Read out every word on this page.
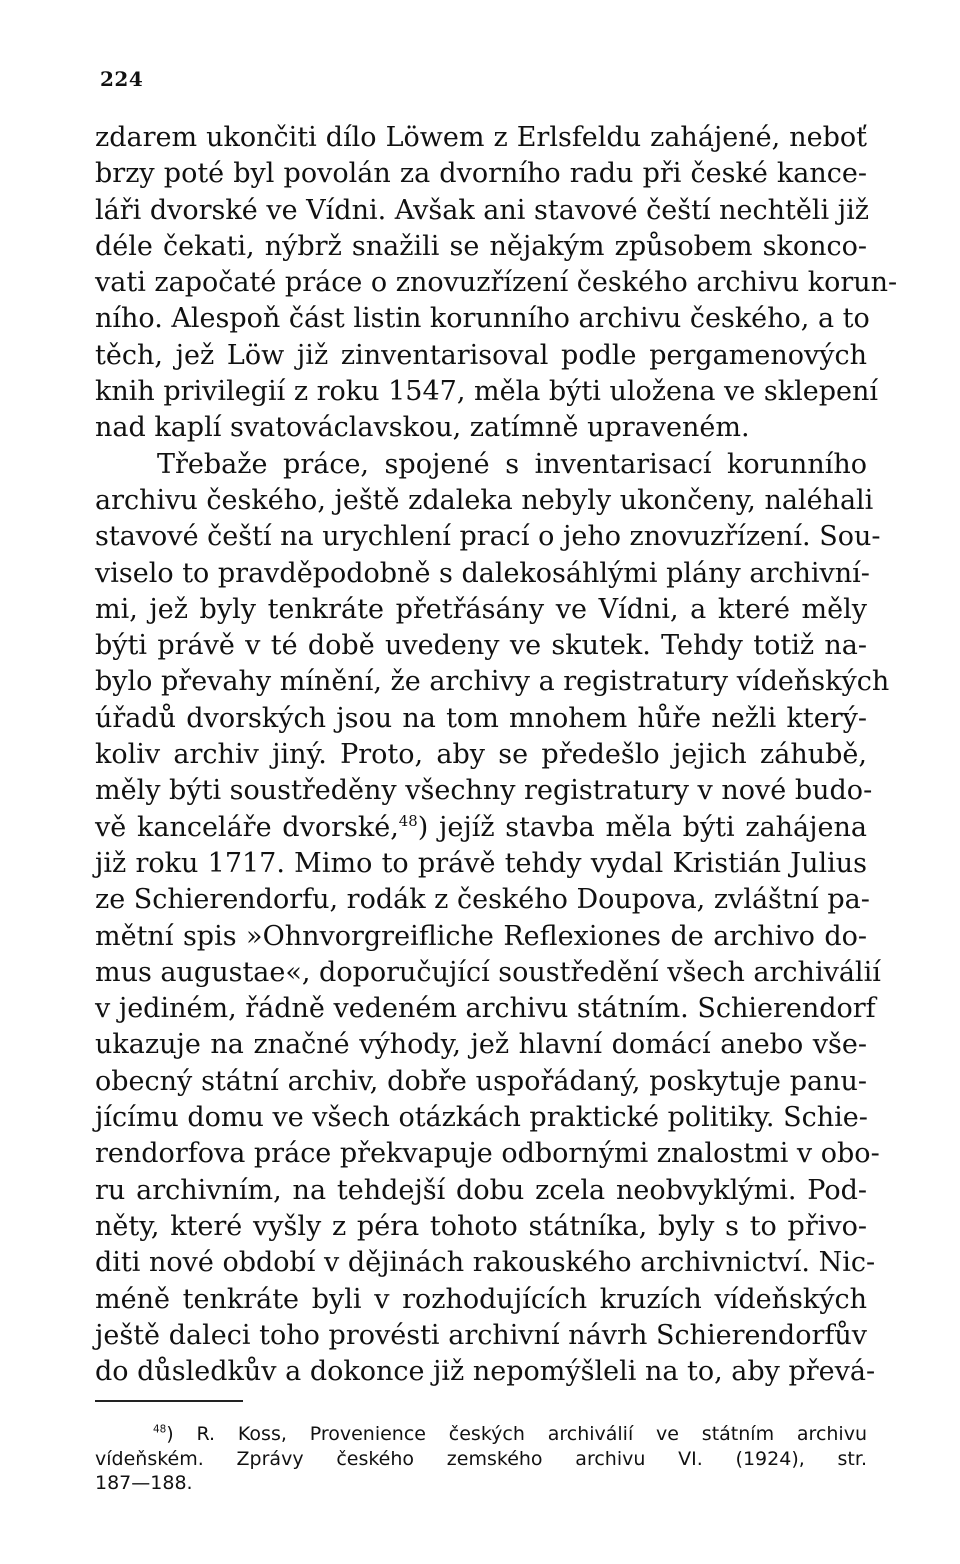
224
zdarem ukončiti dílo Löwem z Erlsfeldu zahájené, neboť
brzy poté byl povolán za dvorního radu při české kance-
láři dvorské ve Vídni. Avšak ani stavové čeští nechtěli již
déle čekati, nýbrž snažili se nějakým způsobem skonco-
vati započaté práce o znovuzřízení českého archivu korun-
ního. Alespoň část listin korunního archivu českého, a to
těch, jež Löw již zinventarisoval podle pergamenových
knih privilegií z roku 1547, měla býti uložena ve sklepení
nad kaplí svatováclavskou, zatímně upraveném.
Třebaže práce, spojené s inventarisací korunního
archivu českého, ještě zdaleka nebyly ukončeny, naléhali
stavové čeští na urychlení prací o jeho znovuzřízení. Sou-
viselo to pravděpodobně s dalekosáhlými plány archivní-
mi, jež byly tenkráte přetřásány ve Vídni, a které měly
býti právě v té době uvedeny ve skutek. Tehdy totiž na-
bylo převahy mínění, že archivy a registratury vídeňských
úřadů dvorských jsou na tom mnohem hůře nežli který-
koliv archiv jiný. Proto, aby se předešlo jejich záhubě,
měly býti soustředěny všechny registratury v nové budo-
vě kanceláře dvorské,$^{48}$) jejíž stavba měla býti zahájena
již roku 1717. Mimo to právě tehdy vydal Kristián Julius
ze Schierendorfu, rodák z českého Doupova, zvláštní pa-
mětní spis »Ohnvorgreifliche Reflexiones de archivo do-
mus augustae«, doporučující soustředění všech archiválií
v jediném, řádně vedeném archivu státním. Schierendorf
ukazuje na značné výhody, jež hlavní domácí anebo vše-
obecný státní archiv, dobře uspořádaný, poskytuje panu-
jícímu domu ve všech otázkách praktické politiky. Schie-
rendorfova práce překvapuje odbornými znalostmi v obo-
ru archivním, na tehdejší dobu zcela neobvyklými. Pod-
něty, které vyšly z péra tohoto státníka, byly s to přivo-
diti nové období v dějinách rakouského archivnictví. Nic-
méně tenkráte byli v rozhodujících kruzích vídeňských
ještě daleci toho provésti archivní návrh Schierendorfův
do důsledkův a dokonce již nepomýšleli na to, aby převá-
$^{48}$) R. Koss, Provenience českých archiválií ve státním archivu
vídeňském. Zprávy českého zemského archivu VI. (1924), str.
187—188.
